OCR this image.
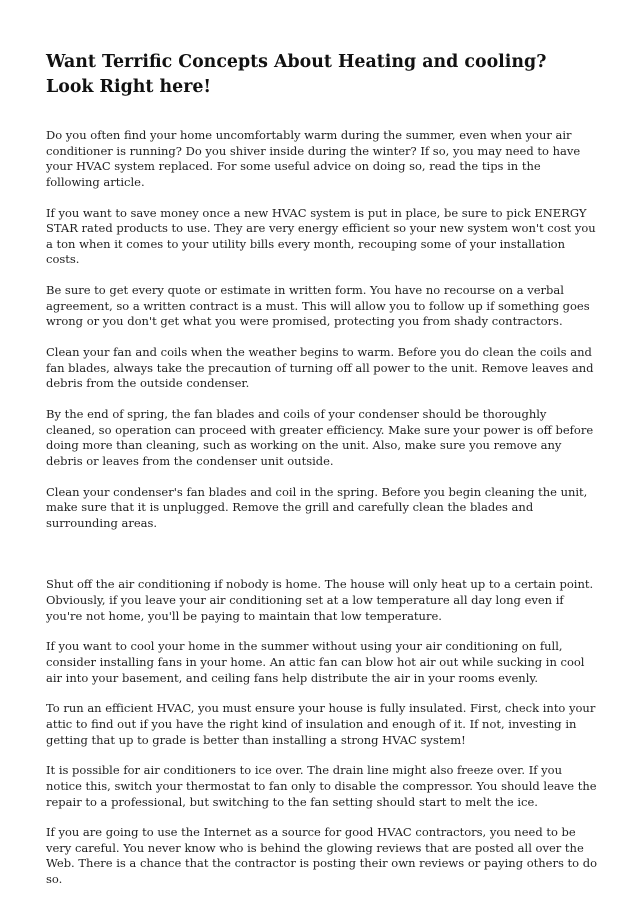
Want Terrific Concepts About Heating and cooling? Look Right here!

Do you often find your home uncomfortably warm during the summer, even when your air conditioner is running? Do you shiver inside during the winter? If so, you may need to have your HVAC system replaced. For some useful advice on doing so, read the tips in the following article.

If you want to save money once a new HVAC system is put in place, be sure to pick ENERGY STAR rated products to use. They are very energy efficient so your new system won't cost you a ton when it comes to your utility bills every month, recouping some of your installation costs.

Be sure to get every quote or estimate in written form. You have no recourse on a verbal agreement, so a written contract is a must. This will allow you to follow up if something goes wrong or you don't get what you were promised, protecting you from shady contractors.

Clean your fan and coils when the weather begins to warm. Before you do clean the coils and fan blades, always take the precaution of turning off all power to the unit. Remove leaves and debris from the outside condenser.

By the end of spring, the fan blades and coils of your condenser should be thoroughly cleaned, so operation can proceed with greater efficiency. Make sure your power is off before doing more than cleaning, such as working on the unit. Also, make sure you remove any debris or leaves from the condenser unit outside.

Clean your condenser's fan blades and coil in the spring. Before you begin cleaning the unit, make sure that it is unplugged. Remove the grill and carefully clean the blades and surrounding areas.

Shut off the air conditioning if nobody is home. The house will only heat up to a certain point. Obviously, if you leave your air conditioning set at a low temperature all day long even if you're not home, you'll be paying to maintain that low temperature.

If you want to cool your home in the summer without using your air conditioning on full, consider installing fans in your home. An attic fan can blow hot air out while sucking in cool air into your basement, and ceiling fans help distribute the air in your rooms evenly.

To run an efficient HVAC, you must ensure your house is fully insulated. First, check into your attic to find out if you have the right kind of insulation and enough of it. If not, investing in getting that up to grade is better than installing a strong HVAC system!

It is possible for air conditioners to ice over. The drain line might also freeze over. If you notice this, switch your thermostat to fan only to disable the compressor. You should leave the repair to a professional, but switching to the fan setting should start to melt the ice.

If you are going to use the Internet as a source for good HVAC contractors, you need to be very careful. You never know who is behind the glowing reviews that are posted all over the Web. There is a chance that the contractor is posting their own reviews or paying others to do so.
